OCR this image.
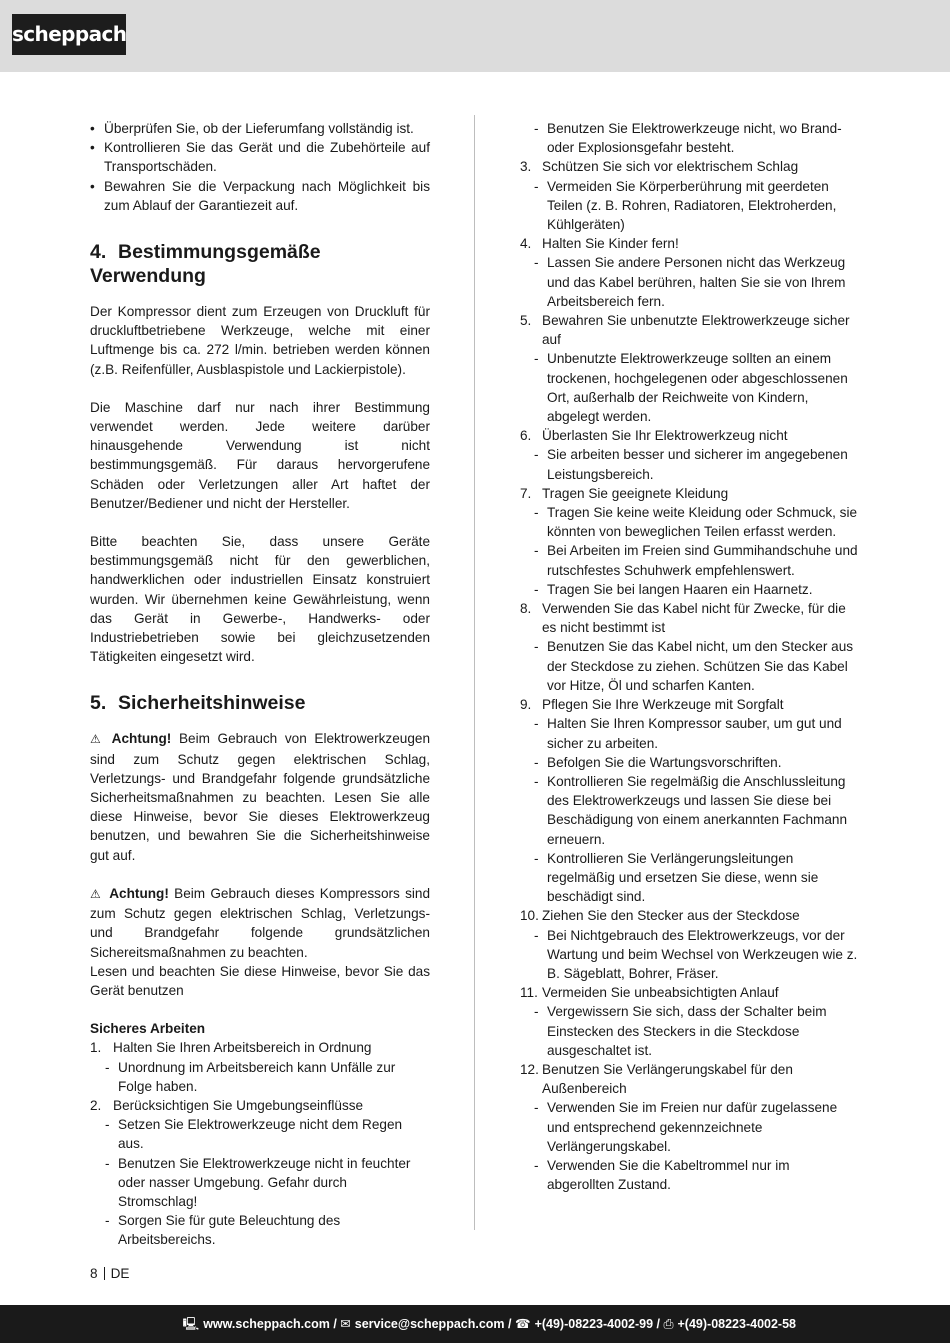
scheppach
• Überprüfen Sie, ob der Lieferumfang vollständig ist.
• Kontrollieren Sie das Gerät und die Zubehörteile auf Transportschäden.
• Bewahren Sie die Verpackung nach Möglichkeit bis zum Ablauf der Garantiezeit auf.
4. Bestimmungsgemäße Verwendung

Der Kompressor dient zum Erzeugen von Druckluft für druckluftbetriebene Werkzeuge, welche mit einer Luftmenge bis ca. 272 l/min. betrieben werden können (z.B. Reifenfüller, Ausblaspistole und Lackierpistole).

Die Maschine darf nur nach ihrer Bestimmung verwendet werden. Jede weitere darüber hinausgehende Verwendung ist nicht bestimmungsgemäß. Für daraus hervorgerufene Schäden oder Verletzungen aller Art haftet der Benutzer/Bediener und nicht der Hersteller.

Bitte beachten Sie, dass unsere Geräte bestimmungsgemäß nicht für den gewerblichen, handwerklichen oder industriellen Einsatz konstruiert wurden. Wir übernehmen keine Gewährleistung, wenn das Gerät in Gewerbe-, Handwerks- oder Industriebetrieben sowie bei gleichzusetzenden Tätigkeiten eingesetzt wird.

5. Sicherheitshinweise

⚠ Achtung! Beim Gebrauch von Elektrowerkzeugen sind zum Schutz gegen elektrischen Schlag, Verletzungs- und Brandgefahr folgende grundsätzliche Sicherheitsmaßnahmen zu beachten. Lesen Sie alle diese Hinweise, bevor Sie dieses Elektrowerkzeug benutzen, und bewahren Sie die Sicherheitshinweise gut auf.

⚠ Achtung! Beim Gebrauch dieses Kompressors sind zum Schutz gegen elektrischen Schlag, Verletzungs- und Brandgefahr folgende grundsätzlichen Sichereitsmaßnahmen zu beachten.

Lesen und beachten Sie diese Hinweise, bevor Sie das Gerät benutzen

Sicheres Arbeiten
1. Halten Sie Ihren Arbeitsbereich in Ordnung
- Unordnung im Arbeitsbereich kann Unfälle zur Folge haben.
2. Berücksichtigen Sie Umgebungseinflüsse
- Setzen Sie Elektrowerkzeuge nicht dem Regen aus.
- Benutzen Sie Elektrowerkzeuge nicht in feuchter oder nasser Umgebung. Gefahr durch Stromschlag!
- Sorgen Sie für gute Beleuchtung des Arbeitsbereichs.
- Benutzen Sie Elektrowerkzeuge nicht, wo Brand- oder Explosionsgefahr besteht.
3. Schützen Sie sich vor elektrischem Schlag
- Vermeiden Sie Körperberührung mit geerdeten Teilen (z. B. Rohren, Radiatoren, Elektroherden, Kühlgeräten)
4. Halten Sie Kinder fern!
- Lassen Sie andere Personen nicht das Werkzeug und das Kabel berühren, halten Sie sie von Ihrem Arbeitsbereich fern.
5. Bewahren Sie unbenutzte Elektrowerkzeuge sicher auf
- Unbenutzte Elektrowerkzeuge sollten an einem trockenen, hochgelegenen oder abgeschlossenen Ort, außerhalb der Reichweite von Kindern, abgelegt werden.
6. Überlasten Sie Ihr Elektrowerkzeug nicht
- Sie arbeiten besser und sicherer im angegebenen Leistungsbereich.
7. Tragen Sie geeignete Kleidung
- Tragen Sie keine weite Kleidung oder Schmuck, sie könnten von beweglichen Teilen erfasst werden.
- Bei Arbeiten im Freien sind Gummihandschuhe und rutschfestes Schuhwerk empfehlenswert.
- Tragen Sie bei langen Haaren ein Haarnetz.
8. Verwenden Sie das Kabel nicht für Zwecke, für die es nicht bestimmt ist
- Benutzen Sie das Kabel nicht, um den Stecker aus der Steckdose zu ziehen. Schützen Sie das Kabel vor Hitze, Öl und scharfen Kanten.
9. Pflegen Sie Ihre Werkzeuge mit Sorgfalt
- Halten Sie Ihren Kompressor sauber, um gut und sicher zu arbeiten.
- Befolgen Sie die Wartungsvorschriften.
- Kontrollieren Sie regelmäßig die Anschlussleitung des Elektrowerkzeugs und lassen Sie diese bei Beschädigung von einem anerkannten Fachmann erneuern.
- Kontrollieren Sie Verlängerungsleitungen regelmäßig und ersetzen Sie diese, wenn sie beschädigt sind.
10. Ziehen Sie den Stecker aus der Steckdose
- Bei Nichtgebrauch des Elektrowerkzeugs, vor der Wartung und beim Wechsel von Werkzeugen wie z. B. Sägeblatt, Bohrer, Fräser.
11. Vermeiden Sie unbeabsichtigten Anlauf
- Vergewissern Sie sich, dass der Schalter beim Einstecken des Steckers in die Steckdose ausgeschaltet ist.
12. Benutzen Sie Verlängerungskabel für den Außenbereich
- Verwenden Sie im Freien nur dafür zugelassene und entsprechend gekennzeichnete Verlängerungskabel.
- Verwenden Sie die Kabeltrommel nur im abgerollten Zustand.
8 DE
🖳 www.scheppach.com / ✉ service@scheppach.com / ☎ +(49)-08223-4002-99 / ⎙ +(49)-08223-4002-58
